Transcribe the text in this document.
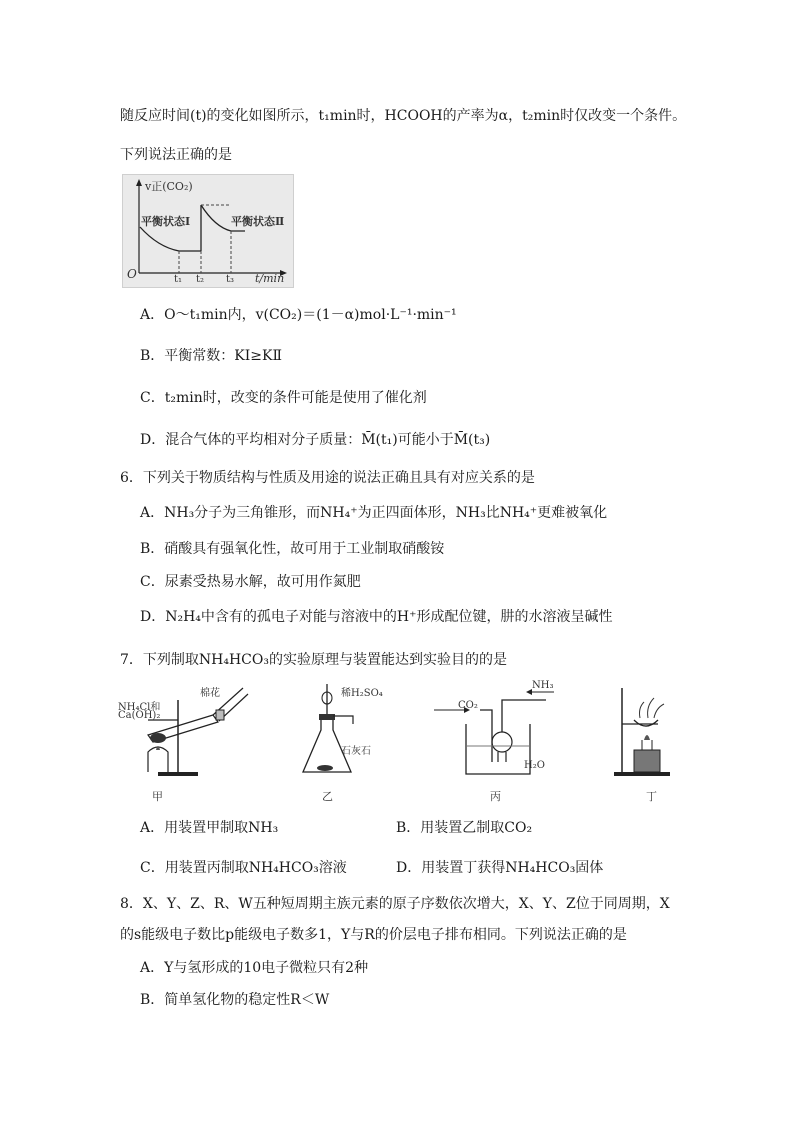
随反应时间(t)的变化如图所示，t₁min时，HCOOH的产率为α，t₂min时仅改变一个条件。
下列说法正确的是
v正(CO₂)
平衡状态Ⅰ	平衡状态Ⅱ
O	t₁ t₂ t₃ t/min
A．O～t₁min内，v(CO₂)＝(1－α)mol·L⁻¹·min⁻¹
B．平衡常数：KⅠ≥KⅡ
C．t₂min时，改变的条件可能是使用了催化剂
D．混合气体的平均相对分子质量：M̄(t₁)可能小于M̄(t₃)
6．下列关于物质结构与性质及用途的说法正确且具有对应关系的是
A．NH₃分子为三角锥形，而NH₄⁺为正四面体形，NH₃比NH₄⁺更难被氧化
B．硝酸具有强氧化性，故可用于工业制取硝酸铵
C．尿素受热易水解，故可用作氮肥
D．N₂H₄中含有的孤电子对能与溶液中的H⁺形成配位键，肼的水溶液呈碱性
7．下列制取NH₄HCO₃的实验原理与装置能达到实验目的的是
NH₄Cl和
Ca(OH)₂
棉花
甲
稀H₂SO₄
石灰石
乙
CO₂
NH₃
H₂O
丙	丁
A．用装置甲制取NH₃	B．用装置乙制取CO₂
C．用装置丙制取NH₄HCO₃溶液	D．用装置丁获得NH₄HCO₃固体
8．X、Y、Z、R、W五种短周期主族元素的原子序数依次增大，X、Y、Z位于同周期，X
的s能级电子数比p能级电子数多1，Y与R的价层电子排布相同。下列说法正确的是
A．Y与氢形成的10电子微粒只有2种
B．简单氢化物的稳定性R＜W
